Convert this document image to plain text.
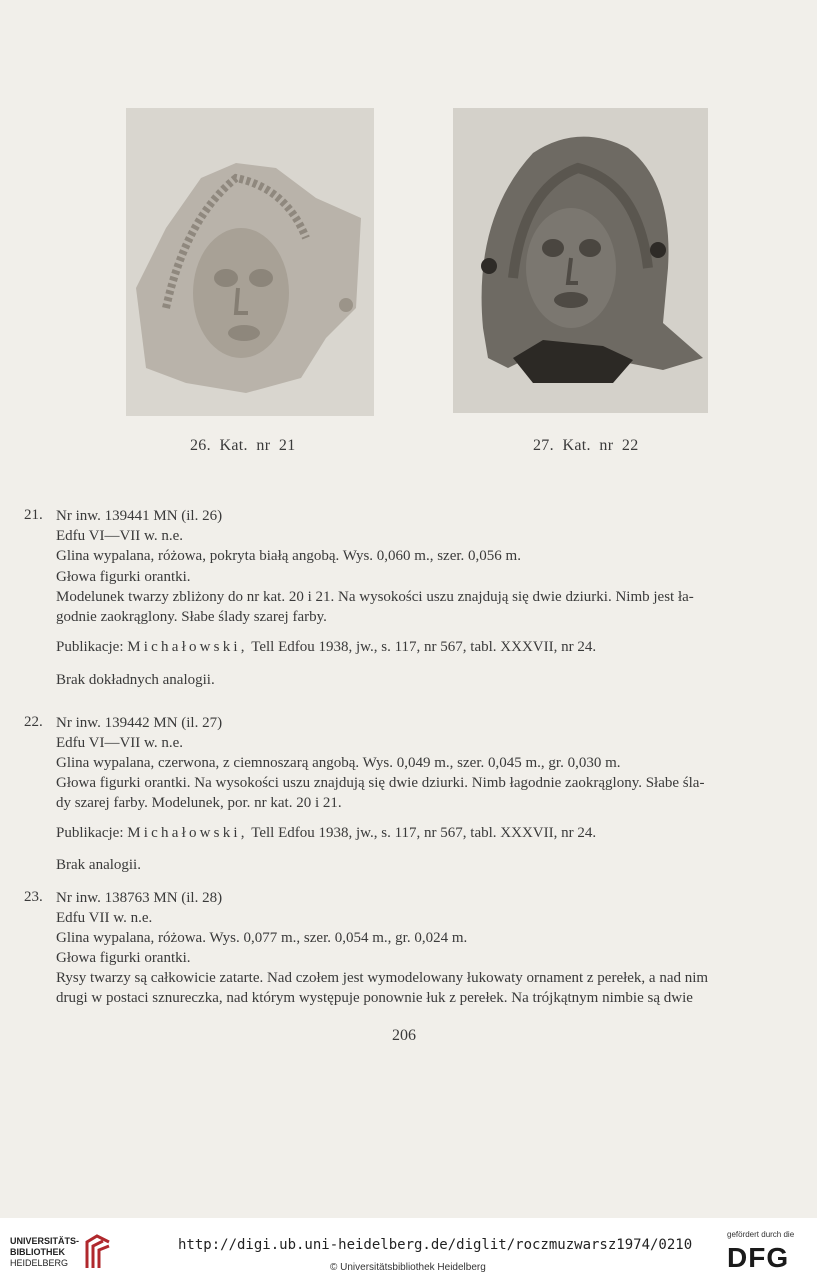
26.  Kat.  nr  21	27.  Kat.  nr  22
21. Nr inw. 139441 MN (il. 26)
Edfu VI—VII w. n.e.
Glina wypalana, różowa, pokryta białą angobą. Wys. 0,060 m., szer. 0,056 m.
Głowa figurki orantki.
Modelunek twarzy zbliżony do nr kat. 20 i 21. Na wysokości uszu znajdują się dwie dziurki. Nimb jest ła-
godnie zaokrąglony. Słabe ślady szarej farby.
Publikacje: Michałowski, Tell Edfou 1938, jw., s. 117, nr 567, tabl. XXXVII, nr 24.
Brak dokładnych analogii.
22. Nr inw. 139442 MN (il. 27)
Edfu VI—VII w. n.e.
Glina wypalana, czerwona, z ciemnoszarą angobą. Wys. 0,049 m., szer. 0,045 m., gr. 0,030 m.
Głowa figurki orantki. Na wysokości uszu znajdują się dwie dziurki. Nimb łagodnie zaokrąglony. Słabe śla-
dy szarej farby. Modelunek, por. nr kat. 20 i 21.
Publikacje: Michałowski, Tell Edfou 1938, jw., s. 117, nr 567, tabl. XXXVII, nr 24.
Brak analogii.
23. Nr inw. 138763 MN (il. 28)
Edfu VII w. n.e.
Glina wypalana, różowa. Wys. 0,077 m., szer. 0,054 m., gr. 0,024 m.
Głowa figurki orantki.
Rysy twarzy są całkowicie zatarte. Nad czołem jest wymodelowany łukowaty ornament z perełek, a nad nim
drugi w postaci sznureczka, nad którym występuje ponownie łuk z perełek. Na trójkątnym nimbie są dwie
206
UNIVERSITÄTS-
BIBLIOTHEK
HEIDELBERG
http://digi.ub.uni-heidelberg.de/diglit/roczmuzwarsz1974/0210
© Universitätsbibliothek Heidelberg
gefördert durch die
DFG
